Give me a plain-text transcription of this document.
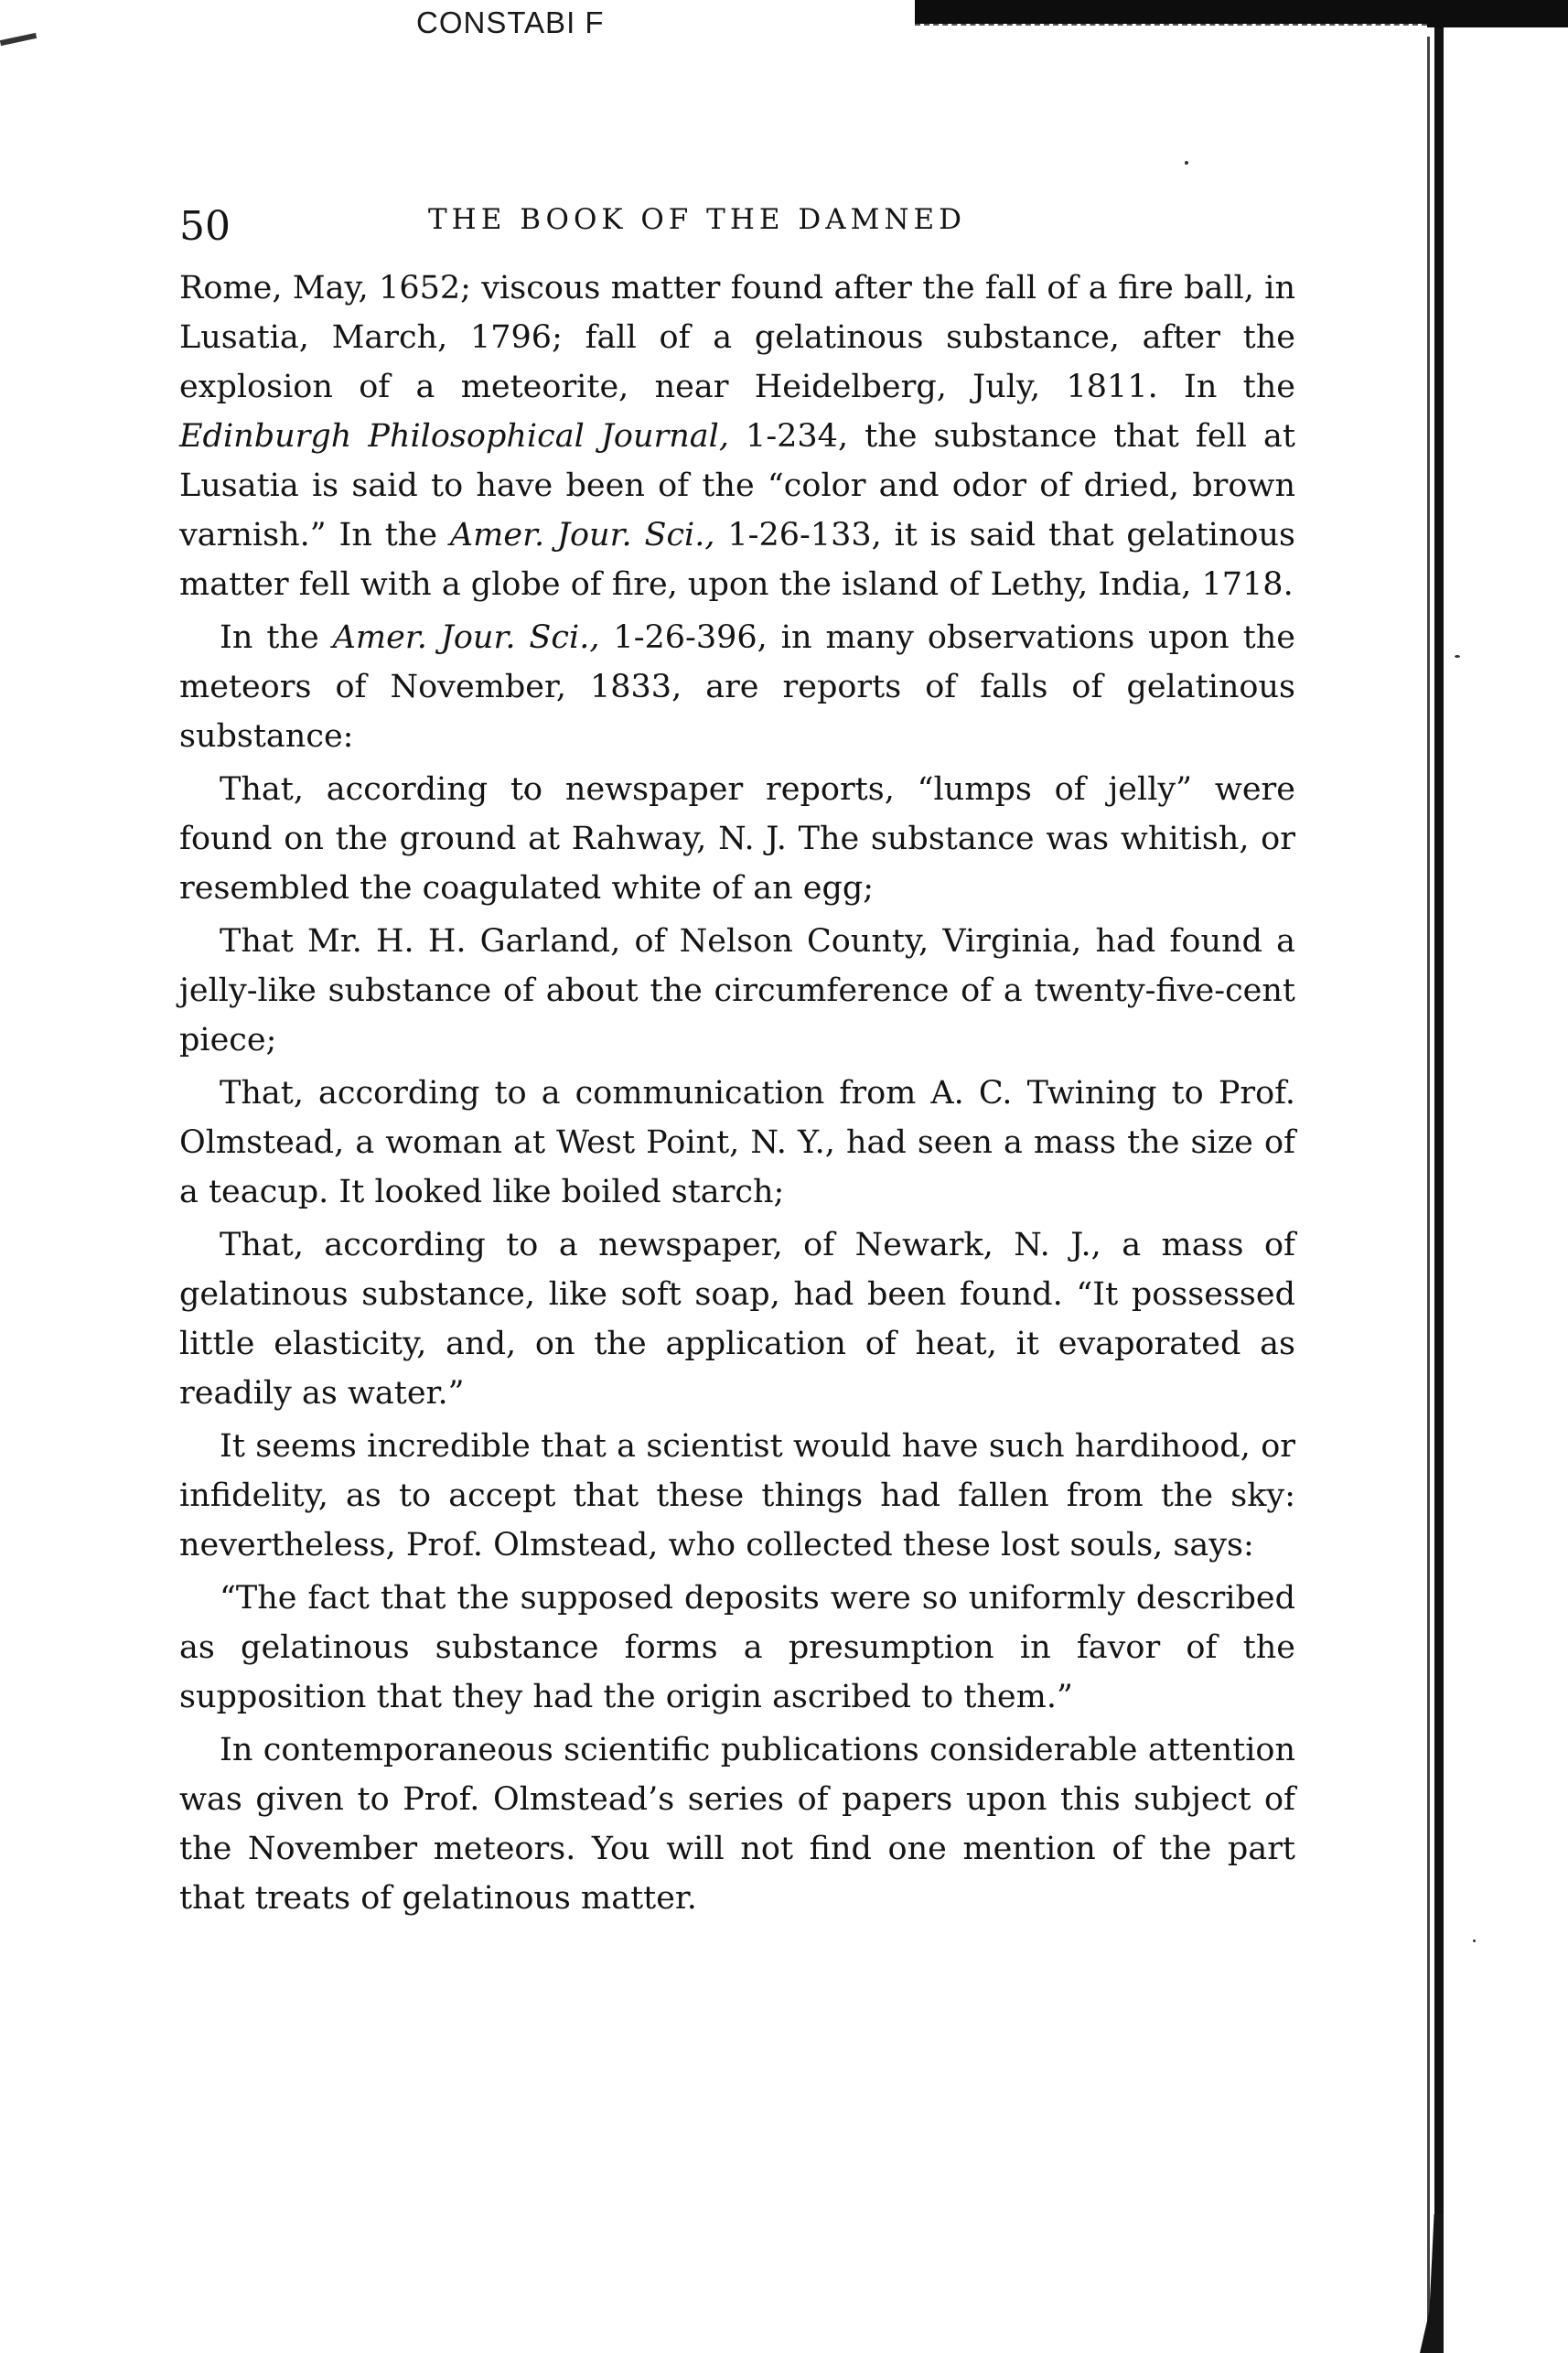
CONSTABI F
50	THE BOOK OF THE DAMNED

Rome, May, 1652; viscous matter found after the fall of a fire ball, in Lusatia, March, 1796; fall of a gelatinous substance, after the explosion of a meteorite, near Heidelberg, July, 1811. In the Edinburgh Philosophical Journal, 1-234, the substance that fell at Lusatia is said to have been of the “color and odor of dried, brown varnish.” In the Amer. Jour. Sci., 1-26-133, it is said that gelatinous matter fell with a globe of fire, upon the island of Lethy, India, 1718.

In the Amer. Jour. Sci., 1-26-396, in many observations upon the meteors of November, 1833, are reports of falls of gelatinous substance:

That, according to newspaper reports, “lumps of jelly” were found on the ground at Rahway, N. J. The substance was whitish, or resembled the coagulated white of an egg;

That Mr. H. H. Garland, of Nelson County, Virginia, had found a jelly-like substance of about the circumference of a twenty-five-cent piece;

That, according to a communication from A. C. Twining to Prof. Olmstead, a woman at West Point, N. Y., had seen a mass the size of a teacup. It looked like boiled starch;

That, according to a newspaper, of Newark, N. J., a mass of gelatinous substance, like soft soap, had been found. “It possessed little elasticity, and, on the application of heat, it evaporated as readily as water.”

It seems incredible that a scientist would have such hardihood, or infidelity, as to accept that these things had fallen from the sky: nevertheless, Prof. Olmstead, who collected these lost souls, says:

“The fact that the supposed deposits were so uniformly described as gelatinous substance forms a presumption in favor of the supposition that they had the origin ascribed to them.”

In contemporaneous scientific publications considerable attention was given to Prof. Olmstead’s series of papers upon this subject of the November meteors. You will not find one mention of the part that treats of gelatinous matter.
